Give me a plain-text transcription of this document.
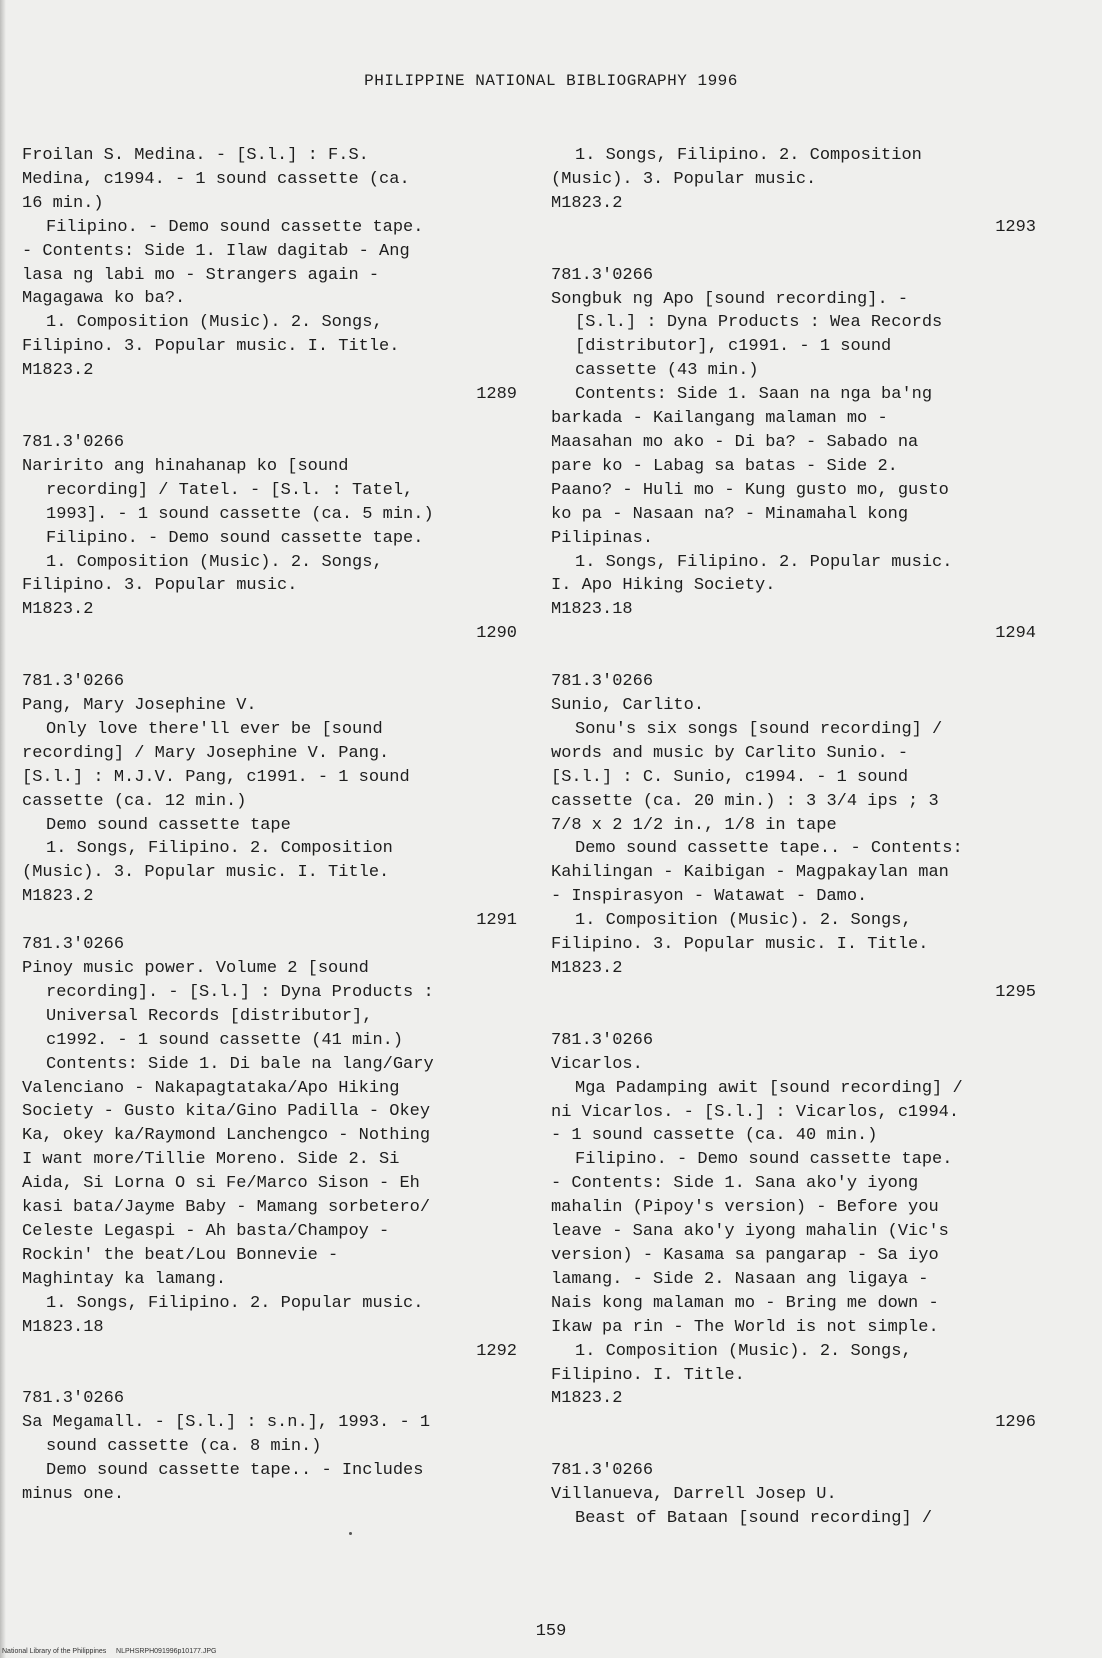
PHILIPPINE NATIONAL BIBLIOGRAPHY 1996
Froilan S. Medina. - [S.l.] : F.S.
Medina, c1994. - 1 sound cassette (ca.
16 min.)
Filipino. - Demo sound cassette tape.
- Contents: Side 1. Ilaw dagitab - Ang
lasa ng labi mo - Strangers again -
Magagawa ko ba?.
1. Composition (Music). 2. Songs,
Filipino. 3. Popular music. I. Title.
M1823.2
1289
781.3'0266
Naririto ang hinahanap ko [sound
recording] / Tatel. - [S.l. : Tatel,
1993]. - 1 sound cassette (ca. 5 min.)
Filipino. - Demo sound cassette tape.
1. Composition (Music). 2. Songs,
Filipino. 3. Popular music.
M1823.2
1290
781.3'0266
Pang, Mary Josephine V.
Only love there'll ever be [sound
recording] / Mary Josephine V. Pang.
[S.l.] : M.J.V. Pang, c1991. - 1 sound
cassette (ca. 12 min.)
Demo sound cassette tape
1. Songs, Filipino. 2. Composition
(Music). 3. Popular music. I. Title.
M1823.2
1291
781.3'0266
Pinoy music power. Volume 2 [sound
recording]. - [S.l.] : Dyna Products :
Universal Records [distributor],
c1992. - 1 sound cassette (41 min.)
Contents: Side 1. Di bale na lang/Gary
Valenciano - Nakapagtataka/Apo Hiking
Society - Gusto kita/Gino Padilla - Okey
Ka, okey ka/Raymond Lanchengco - Nothing
I want more/Tillie Moreno. Side 2. Si
Aida, Si Lorna O si Fe/Marco Sison - Eh
kasi bata/Jayme Baby - Mamang sorbetero/
Celeste Legaspi - Ah basta/Champoy -
Rockin' the beat/Lou Bonnevie -
Maghintay ka lamang.
1. Songs, Filipino. 2. Popular music.
M1823.18
1292
781.3'0266
Sa Megamall. - [S.l.] : s.n.], 1993. - 1
sound cassette (ca. 8 min.)
Demo sound cassette tape.. - Includes
minus one.
1. Songs, Filipino. 2. Composition
(Music). 3. Popular music.
M1823.2
1293
781.3'0266
Songbuk ng Apo [sound recording]. -
[S.l.] : Dyna Products : Wea Records
[distributor], c1991. - 1 sound
cassette (43 min.)
Contents: Side 1. Saan na nga ba'ng
barkada - Kailangang malaman mo -
Maasahan mo ako - Di ba? - Sabado na
pare ko - Labag sa batas - Side 2.
Paano? - Huli mo - Kung gusto mo, gusto
ko pa - Nasaan na? - Minamahal kong
Pilipinas.
1. Songs, Filipino. 2. Popular music.
I. Apo Hiking Society.
M1823.18
1294
781.3'0266
Sunio, Carlito.
Sonu's six songs [sound recording] /
words and music by Carlito Sunio. -
[S.l.] : C. Sunio, c1994. - 1 sound
cassette (ca. 20 min.) : 3 3/4 ips ; 3
7/8 x 2 1/2 in., 1/8 in tape
Demo sound cassette tape.. - Contents:
Kahilingan - Kaibigan - Magpakaylan man
- Inspirasyon - Watawat - Damo.
1. Composition (Music). 2. Songs,
Filipino. 3. Popular music. I. Title.
M1823.2
1295
781.3'0266
Vicarlos.
Mga Padamping awit [sound recording] /
ni Vicarlos. - [S.l.] : Vicarlos, c1994.
- 1 sound cassette (ca. 40 min.)
Filipino. - Demo sound cassette tape.
- Contents: Side 1. Sana ako'y iyong
mahalin (Pipoy's version) - Before you
leave - Sana ako'y iyong mahalin (Vic's
version) - Kasama sa pangarap - Sa iyo
lamang. - Side 2. Nasaan ang ligaya -
Nais kong malaman mo - Bring me down -
Ikaw pa rin - The World is not simple.
1. Composition (Music). 2. Songs,
Filipino. I. Title.
M1823.2
1296
781.3'0266
Villanueva, Darrell Josep U.
Beast of Bataan [sound recording] /
159
National Library of the Philippines NLPHSRPH091996p10177.JPG
